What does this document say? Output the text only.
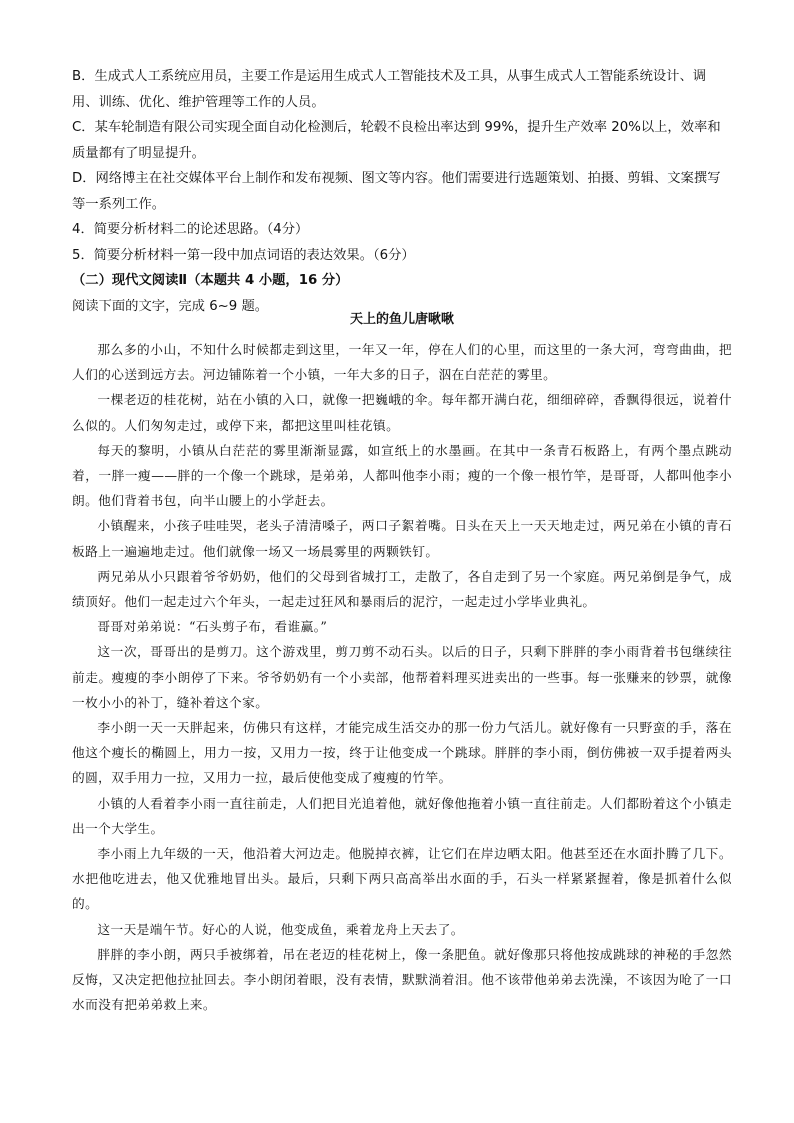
B．生成式人工系统应用员，主要工作是运用生成式人工智能技术及工具，从事生成式人工智能系统设计、调用、训练、优化、维护管理等工作的人员。

C．某车轮制造有限公司实现全面自动化检测后，轮毂不良检出率达到 99%，提升生产效率 20%以上，效率和质量都有了明显提升。

D．网络博主在社交媒体平台上制作和发布视频、图文等内容。他们需要进行选题策划、拍摄、剪辑、文案撰写等一系列工作。

4．简要分析材料二的论述思路。（4分）

5．简要分析材料一第一段中加点词语的表达效果。（6分）

（二）现代文阅读Ⅱ（本题共 4 小题，16 分）

阅读下面的文字，完成 6~9 题。

天上的鱼儿唐啾啾

那么多的小山，不知什么时候都走到这里，一年又一年，停在人们的心里，而这里的一条大河，弯弯曲曲，把人们的心送到远方去。河边铺陈着一个小镇，一年大多的日子，泅在白茫茫的雾里。

一棵老迈的桂花树，站在小镇的入口，就像一把巍峨的伞。每年都开满白花，细细碎碎，香飘得很远，说着什么似的。人们匆匆走过，或停下来，都把这里叫桂花镇。

每天的黎明，小镇从白茫茫的雾里渐渐显露，如宣纸上的水墨画。在其中一条青石板路上，有两个墨点跳动着，一胖一瘦——胖的一个像一个跳球，是弟弟，人都叫他李小雨；瘦的一个像一根竹竿，是哥哥，人都叫他李小朗。他们背着书包，向半山腰上的小学赶去。

小镇醒来，小孩子哇哇哭，老头子清清嗓子，两口子絮着嘴。日头在天上一天天地走过，两兄弟在小镇的青石板路上一遍遍地走过。他们就像一场又一场晨雾里的两颗铁钉。

两兄弟从小只跟着爷爷奶奶，他们的父母到省城打工，走散了，各自走到了另一个家庭。两兄弟倒是争气，成绩顶好。他们一起走过六个年头，一起走过狂风和暴雨后的泥泞，一起走过小学毕业典礼。

哥哥对弟弟说：“石头剪子布，看谁赢。”

这一次，哥哥出的是剪刀。这个游戏里，剪刀剪不动石头。以后的日子，只剩下胖胖的李小雨背着书包继续往前走。瘦瘦的李小朗停了下来。爷爷奶奶有一个小卖部，他帮着料理买进卖出的一些事。每一张赚来的钞票，就像一枚小小的补丁，缝补着这个家。

李小朗一天一天胖起来，仿佛只有这样，才能完成生活交办的那一份力气活儿。就好像有一只野蛮的手，落在他这个瘦长的椭圆上，用力一按，又用力一按，终于让他变成一个跳球。胖胖的李小雨，倒仿佛被一双手提着两头的圆，双手用力一拉，又用力一拉，最后使他变成了瘦瘦的竹竿。

小镇的人看着李小雨一直往前走，人们把目光追着他，就好像他拖着小镇一直往前走。人们都盼着这个小镇走出一个大学生。

李小雨上九年级的一天，他沿着大河边走。他脱掉衣裤，让它们在岸边晒太阳。他甚至还在水面扑腾了几下。水把他吃进去，他又优雅地冒出头。最后，只剩下两只高高举出水面的手，石头一样紧紧握着，像是抓着什么似的。

这一天是端午节。好心的人说，他变成鱼，乘着龙舟上天去了。

胖胖的李小朗，两只手被绑着，吊在老迈的桂花树上，像一条肥鱼。就好像那只将他按成跳球的神秘的手忽然反悔，又决定把他拉扯回去。李小朗闭着眼，没有表情，默默淌着泪。他不该带他弟弟去洗澡，不该因为呛了一口水而没有把弟弟救上来。
